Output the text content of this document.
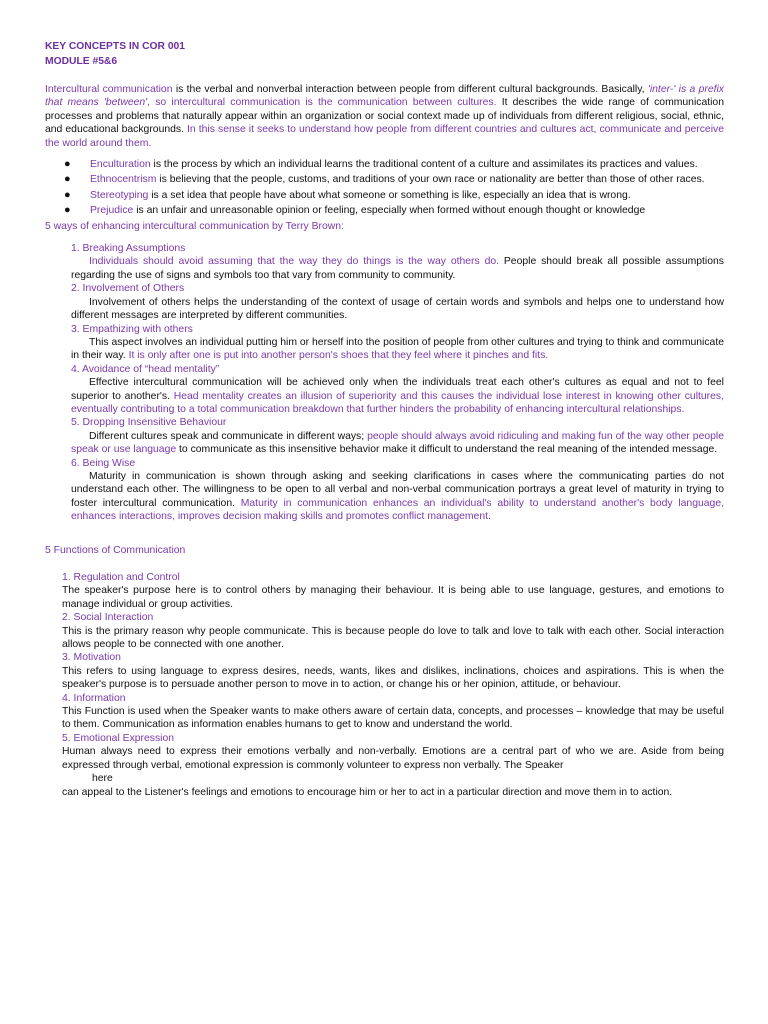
KEY CONCEPTS IN COR 001
MODULE #5&6

Intercultural communication is the verbal and nonverbal interaction between people from different cultural backgrounds. Basically, 'inter-' is a prefix that means 'between', so intercultural communication is the communication between cultures. It describes the wide range of communication processes and problems that naturally appear within an organization or social context made up of individuals from different religious, social, ethnic, and educational backgrounds. In this sense it seeks to understand how people from different countries and cultures act, communicate and perceive the world around them.

● Enculturation is the process by which an individual learns the traditional content of a culture and assimilates its practices and values.
● Ethnocentrism is believing that the people, customs, and traditions of your own race or nationality are better than those of other races.
● Stereotyping is a set idea that people have about what someone or something is like, especially an idea that is wrong.
● Prejudice is an unfair and unreasonable opinion or feeling, especially when formed without enough thought or knowledge
5 ways of enhancing intercultural communication by Terry Brown:
1. Breaking Assumptions

Individuals should avoid assuming that the way they do things is the way others do. People should break all possible assumptions regarding the use of signs and symbols too that vary from community to community.

2. Involvement of Others

Involvement of others helps the understanding of the context of usage of certain words and symbols and helps one to understand how different messages are interpreted by different communities.

3. Empathizing with others

This aspect involves an individual putting him or herself into the position of people from other cultures and trying to think and communicate in their way. It is only after one is put into another person's shoes that they feel where it pinches and fits.

4. Avoidance of “head mentality”

Effective intercultural communication will be achieved only when the individuals treat each other's cultures as equal and not to feel superior to another's. Head mentality creates an illusion of superiority and this causes the individual lose interest in knowing other cultures, eventually contributing to a total communication breakdown that further hinders the probability of enhancing intercultural relationships.

5. Dropping Insensitive Behaviour

Different cultures speak and communicate in different ways; people should always avoid ridiculing and making fun of the way other people speak or use language to communicate as this insensitive behavior make it difficult to understand the real meaning of the intended message.

6. Being Wise

Maturity in communication is shown through asking and seeking clarifications in cases where the communicating parties do not understand each other. The willingness to be open to all verbal and non-verbal communication portrays a great level of maturity in trying to foster intercultural communication. Maturity in communication enhances an individual's ability to understand another's body language, enhances interactions, improves decision making skills and promotes conflict management.

5 Functions of Communication
1. Regulation and Control

The speaker's purpose here is to control others by managing their behaviour. It is being able to use language, gestures, and emotions to manage individual or group activities.

2. Social Interaction

This is the primary reason why people communicate. This is because people do love to talk and love to talk with each other. Social interaction allows people to be connected with one another.

3. Motivation

This refers to using language to express desires, needs, wants, likes and dislikes, inclinations, choices and aspirations. This is when the speaker's purpose is to persuade another person to move in to action, or change his or her opinion, attitude, or behaviour.

4. Information

This Function is used when the Speaker wants to make others aware of certain data, concepts, and processes – knowledge that may be useful to them. Communication as information enables humans to get to know and understand the world.

5. Emotional Expression

Human always need to express their emotions verbally and non-verbally. Emotions are a central part of who we are. Aside from being expressed through verbal, emotional expression is commonly volunteer to express non verbally. The Speaker

here

can appeal to the Listener's feelings and emotions to encourage him or her to act in a particular direction and move them in to action.
